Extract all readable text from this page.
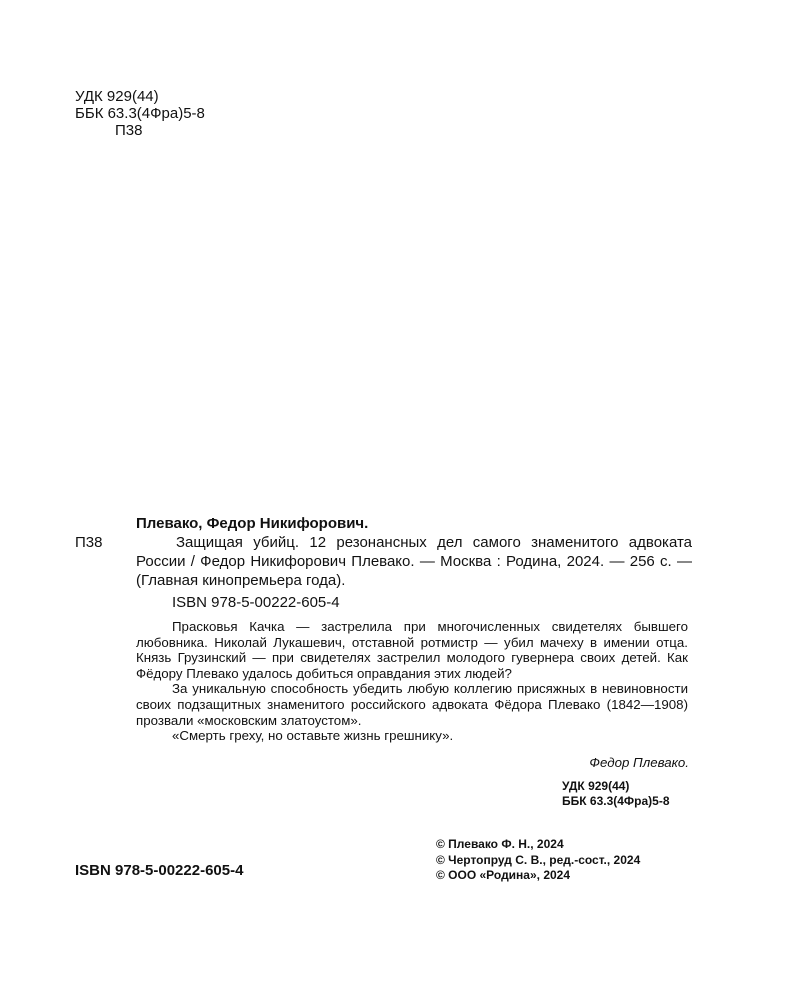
УДК 929(44)
ББК 63.3(4Фра)5-8
П38
П38
Плевако, Федор Никифорович.
Защищая убийц. 12 резонансных дел самого знаменитого адвоката России / Федор Никифорович Плевако. — Москва : Родина, 2024. — 256 с. — (Главная кинопремьера года).
ISBN 978-5-00222-605-4

Прасковья Качка — застрелила при многочисленных свидетелях бывшего любовника. Николай Лукашевич, отставной ротмистр — убил мачеху в имении отца. Князь Грузинский — при свидетелях застрелил молодого гувернера своих детей. Как Фёдору Плевако удалось добиться оправдания этих людей?

За уникальную способность убедить любую коллегию присяжных в невиновности своих подзащитных знаменитого российского адвоката Фёдора Плевако (1842—1908) прозвали «московским златоустом».

«Смерть греху, но оставьте жизнь грешнику».

Федор Плевако.
УДК 929(44)
ББК 63.3(4Фра)5-8
ISBN 978-5-00222-605-4
© Плевако Ф. Н., 2024
© Чертопруд С. В., ред.-сост., 2024
© ООО «Родина», 2024
